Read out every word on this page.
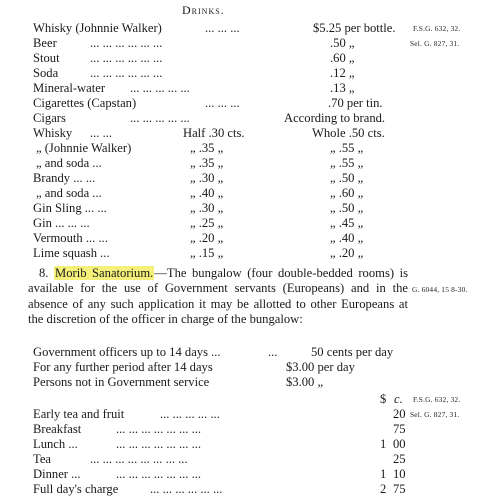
Drinks.
Whisky (Johnnie Walker)	... ... ...	$5.25 per bottle.
Beer	... ... ... ... ... ...	.50 „
Stout ... ... ... ... ... ...	.60 „
Soda	... ... ... ... ... ...	.12 „
Mineral-water ... ... ... ... ...	.13 „
Cigarettes (Capstan)	... ... ...	.70 per tin.
Cigars	... ... ... ... ...	According to brand.
F.S.G. 632, 32.
Sel. G. 827, 31.
Whisky ... ...	Half .30 cts.	Whole .50 cts.
„ (Johnnie Walker)	„ .35 „	„ .55 „
„ and soda ...	„ .35 „	„ .55 „
Brandy ... ...	„ .30 „	„ .50 „
„ and soda ...	„ .40 „	„ .60 „
Gin Sling ... ...	„ .30 „	„ .50 „
Gin ... ... ...	„ .25 „	„ .45 „
Vermouth ... ...	„ .20 „	„ .40 „
Lime squash ...	„ .15 „	„ .20 „
8. Morib Sanatorium.—The bungalow (four double-bedded rooms) is available for the use of Government servants (Europeans) and in the absence of any such application it may be allotted to other Europeans at the discretion of the officer in charge of the bungalow:
G. 6044, 15 8-30.
Government officers up to 14 days ...	...	50 cents per day
For any further period after 14 days	$3.00 per day
Persons not in Government service	$3.00 „
$ c. F.S.G. 632, 32.
Sel. G. 827, 31.
Early tea and fruit	... ... ... ... ...	20
Breakfast	... ... ... ... ... ... ...	75
Lunch ...	... ... ... ... ... ... ...	1 00
Tea	... ... ... ... ... ... ... ...	25
Dinner ...	... ... ... ... ... ... ...	1 10
Full day's charge	... ... ... ... ... ...	2 75
